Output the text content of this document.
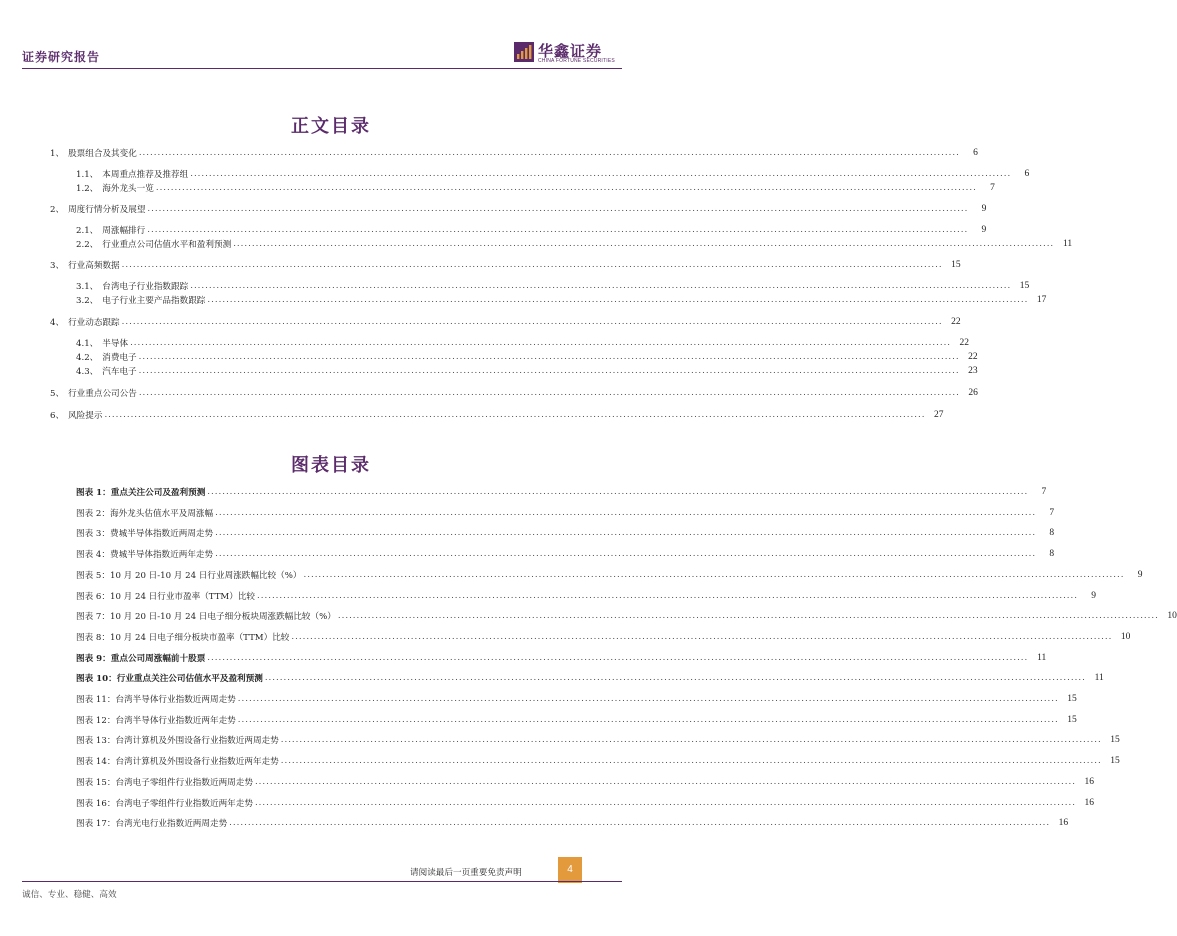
证券研究报告	华鑫证券
CHINA FORTUNE SECURITIES
正文目录
1、 股票组合及其变化 ............................................................................................................................................................................................................................	6
1.1、 本周重点推荐及推荐组 ............................................................................................................................................................................................................................	6
1.2、 海外龙头一览 ............................................................................................................................................................................................................................	7
2、 周度行情分析及展望 ............................................................................................................................................................................................................................	9
2.1、 周涨幅排行 ............................................................................................................................................................................................................................	9
2.2、 行业重点公司估值水平和盈利预测 ............................................................................................................................................................................................................................ 11
3、 行业高频数据 ............................................................................................................................................................................................................................ 15
3.1、 台湾电子行业指数跟踪 ............................................................................................................................................................................................................................ 15
3.2、 电子行业主要产品指数跟踪 ............................................................................................................................................................................................................................ 17
4、 行业动态跟踪 ............................................................................................................................................................................................................................ 22
4.1、 半导体 ............................................................................................................................................................................................................................ 22
4.2、 消费电子 ............................................................................................................................................................................................................................ 22
4.3、 汽车电子 ............................................................................................................................................................................................................................ 23
5、 行业重点公司公告 ............................................................................................................................................................................................................................ 26
6、 风险提示 ............................................................................................................................................................................................................................ 27
图表目录
图表 1：重点关注公司及盈利预测 ............................................................................................................................................................................................................................	7
图表 2：海外龙头估值水平及周涨幅 ............................................................................................................................................................................................................................	7
图表 3：费城半导体指数近两周走势 ............................................................................................................................................................................................................................	8
图表 4：费城半导体指数近两年走势 ............................................................................................................................................................................................................................	8
图表 5：10 月 20 日-10 月 24 日行业周涨跌幅比较（%） ............................................................................................................................................................................................................................	9
图表 6：10 月 24 日行业市盈率（TTM）比较 ............................................................................................................................................................................................................................	9
图表 7：10 月 20 日-10 月 24 日电子细分板块周涨跌幅比较（%） ............................................................................................................................................................................................................................ 10
图表 8：10 月 24 日电子细分板块市盈率（TTM）比较 ............................................................................................................................................................................................................................ 10
图表 9：重点公司周涨幅前十股票 ............................................................................................................................................................................................................................ 11
图表 10：行业重点关注公司估值水平及盈利预测 ............................................................................................................................................................................................................................ 11
图表 11：台湾半导体行业指数近两周走势 ............................................................................................................................................................................................................................ 15
图表 12：台湾半导体行业指数近两年走势 ............................................................................................................................................................................................................................ 15
图表 13：台湾计算机及外围设备行业指数近两周走势 ............................................................................................................................................................................................................................ 15
图表 14：台湾计算机及外围设备行业指数近两年走势 ............................................................................................................................................................................................................................ 15
图表 15：台湾电子零组件行业指数近两周走势 ............................................................................................................................................................................................................................ 16
图表 16：台湾电子零组件行业指数近两年走势 ............................................................................................................................................................................................................................ 16
图表 17：台湾光电行业指数近两周走势 ............................................................................................................................................................................................................................ 16
请阅读最后一页重要免责声明	4
诚信、专业、稳健、高效
